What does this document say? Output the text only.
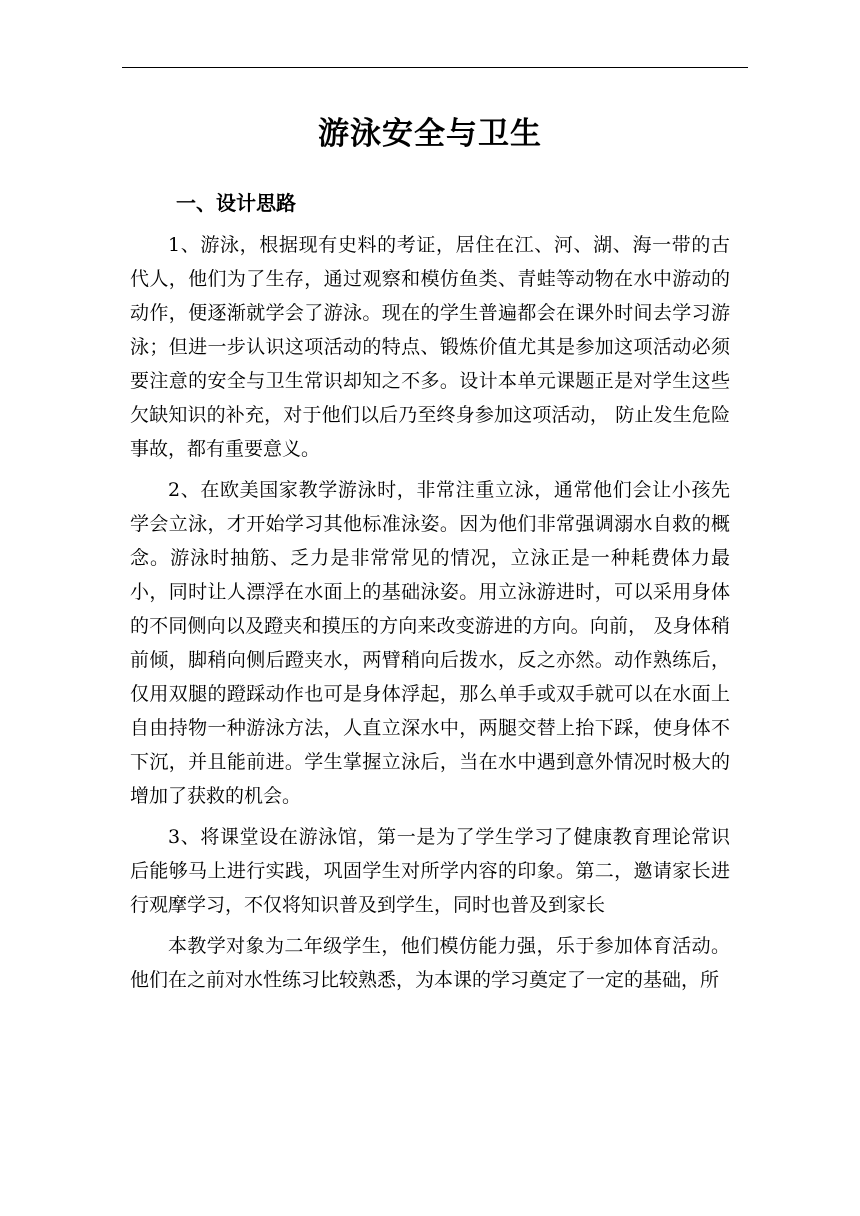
游泳安全与卫生
一、设计思路

1、游泳，根据现有史料的考证，居住在江、河、湖、海一带的古代人，他们为了生存，通过观察和模仿鱼类、青蛙等动物在水中游动的动作，便逐渐就学会了游泳。现在的学生普遍都会在课外时间去学习游泳；但进一步认识这项活动的特点、锻炼价值尤其是参加这项活动必须要注意的安全与卫生常识却知之不多。设计本单元课题正是对学生这些欠缺知识的补充，对于他们以后乃至终身参加这项活动， 防止发生危险事故，都有重要意义。

2、在欧美国家教学游泳时，非常注重立泳，通常他们会让小孩先学会立泳，才开始学习其他标准泳姿。因为他们非常强调溺水自救的概念。游泳时抽筋、乏力是非常常见的情况，立泳正是一种耗费体力最小，同时让人漂浮在水面上的基础泳姿。用立泳游进时，可以采用身体的不同侧向以及蹬夹和摸压的方向来改变游进的方向。向前， 及身体稍前倾，脚稍向侧后蹬夹水，两臂稍向后拨水，反之亦然。动作熟练后，仅用双腿的蹬踩动作也可是身体浮起，那么单手或双手就可以在水面上自由持物一种游泳方法，人直立深水中，两腿交替上抬下踩，使身体不下沉，并且能前进。学生掌握立泳后，当在水中遇到意外情况时极大的增加了获救的机会。

3、将课堂设在游泳馆，第一是为了学生学习了健康教育理论常识后能够马上进行实践，巩固学生对所学内容的印象。第二，邀请家长进行观摩学习，不仅将知识普及到学生，同时也普及到家长

本教学对象为二年级学生，他们模仿能力强，乐于参加体育活动。他们在之前对水性练习比较熟悉，为本课的学习奠定了一定的基础，所
